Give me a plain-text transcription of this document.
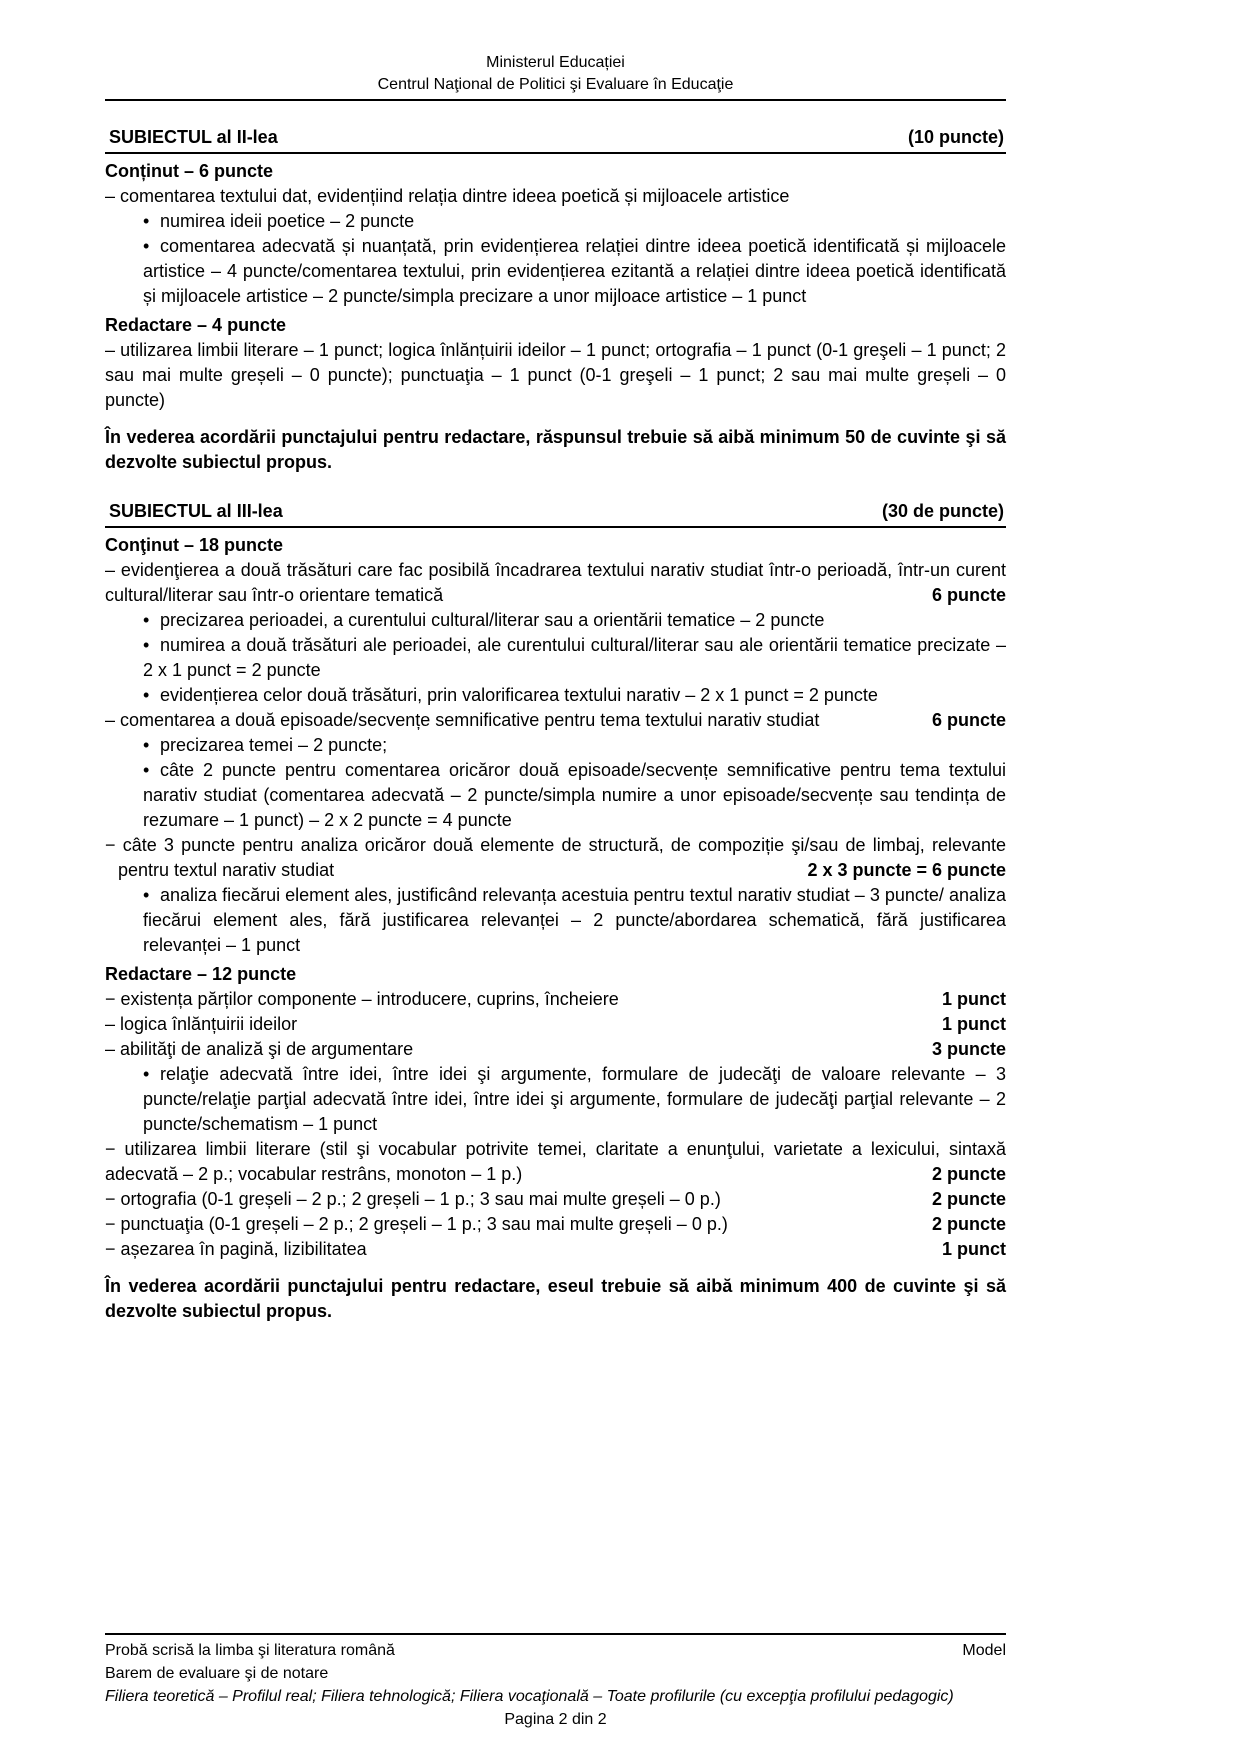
Ministerul Educației
Centrul Naţional de Politici şi Evaluare în Educaţie
SUBIECTUL al II-lea	(10 puncte)
Conținut – 6 puncte
– comentarea textului dat, evidențiind relația dintre ideea poetică și mijloacele artistice
• numirea ideii poetice – 2 puncte
• comentarea adecvată și nuanțată, prin evidențierea relației dintre ideea poetică identificată și mijloacele artistice – 4 puncte/comentarea textului, prin evidențierea ezitantă a relației dintre ideea poetică identificată și mijloacele artistice – 2 puncte/simpla precizare a unor mijloace artistice – 1 punct
Redactare – 4 puncte
– utilizarea limbii literare – 1 punct; logica înlănțuirii ideilor – 1 punct; ortografia – 1 punct (0-1 greşeli – 1 punct; 2 sau mai multe greșeli – 0 puncte); punctuaţia – 1 punct (0-1 greşeli – 1 punct; 2 sau mai multe greșeli – 0 puncte)
În vederea acordării punctajului pentru redactare, răspunsul trebuie să aibă minimum 50 de cuvinte şi să dezvolte subiectul propus.
SUBIECTUL al III-lea	(30 de puncte)
Conţinut – 18 puncte
– evidenţierea a două trăsături care fac posibilă încadrarea textului narativ studiat într-o perioadă, într-un curent cultural/literar sau într-o orientare tematică	6 puncte
• precizarea perioadei, a curentului cultural/literar sau a orientării tematice – 2 puncte
• numirea a două trăsături ale perioadei, ale curentului cultural/literar sau ale orientării tematice precizate – 2 x 1 punct = 2 puncte
• evidențierea celor două trăsături, prin valorificarea textului narativ – 2 x 1 punct = 2 puncte
– comentarea a două episoade/secvențe semnificative pentru tema textului narativ studiat	6 puncte
• precizarea temei – 2 puncte;
• câte 2 puncte pentru comentarea oricăror două episoade/secvențe semnificative pentru tema textului narativ studiat (comentarea adecvată – 2 puncte/simpla numire a unor episoade/secvențe sau tendința de rezumare – 1 punct) – 2 x 2 puncte = 4 puncte
− câte 3 puncte pentru analiza oricăror două elemente de structură, de compoziție şi/sau de limbaj, relevante pentru textul narativ studiat	2 x 3 puncte = 6 puncte
• analiza fiecărui element ales, justificând relevanța acestuia pentru textul narativ studiat – 3 puncte/ analiza fiecărui element ales, fără justificarea relevanței – 2 puncte/abordarea schematică, fără justificarea relevanței – 1 punct
Redactare – 12 puncte
− existența părților componente – introducere, cuprins, încheiere	1 punct
– logica înlănțuirii ideilor	1 punct
– abilităţi de analiză şi de argumentare	3 puncte
• relaţie adecvată între idei, între idei şi argumente, formulare de judecăţi de valoare relevante – 3 puncte/relaţie parţial adecvată între idei, între idei şi argumente, formulare de judecăţi parţial relevante – 2 puncte/schematism – 1 punct
− utilizarea limbii literare (stil şi vocabular potrivite temei, claritate a enunţului, varietate a lexicului, sintaxă adecvată – 2 p.; vocabular restrâns, monoton – 1 p.)	2 puncte
− ortografia (0-1 greșeli – 2 p.; 2 greșeli – 1 p.; 3 sau mai multe greșeli – 0 p.)	2 puncte
− punctuaţia (0-1 greșeli – 2 p.; 2 greșeli – 1 p.; 3 sau mai multe greșeli – 0 p.)	2 puncte
− așezarea în pagină, lizibilitatea	1 punct
În vederea acordării punctajului pentru redactare, eseul trebuie să aibă minimum 400 de cuvinte şi să dezvolte subiectul propus.
Probă scrisă la limba şi literatura română	Model
Barem de evaluare şi de notare
Filiera teoretică – Profilul real; Filiera tehnologică; Filiera vocaţională – Toate profilurile (cu excepţia profilului pedagogic)
Pagina 2 din 2
